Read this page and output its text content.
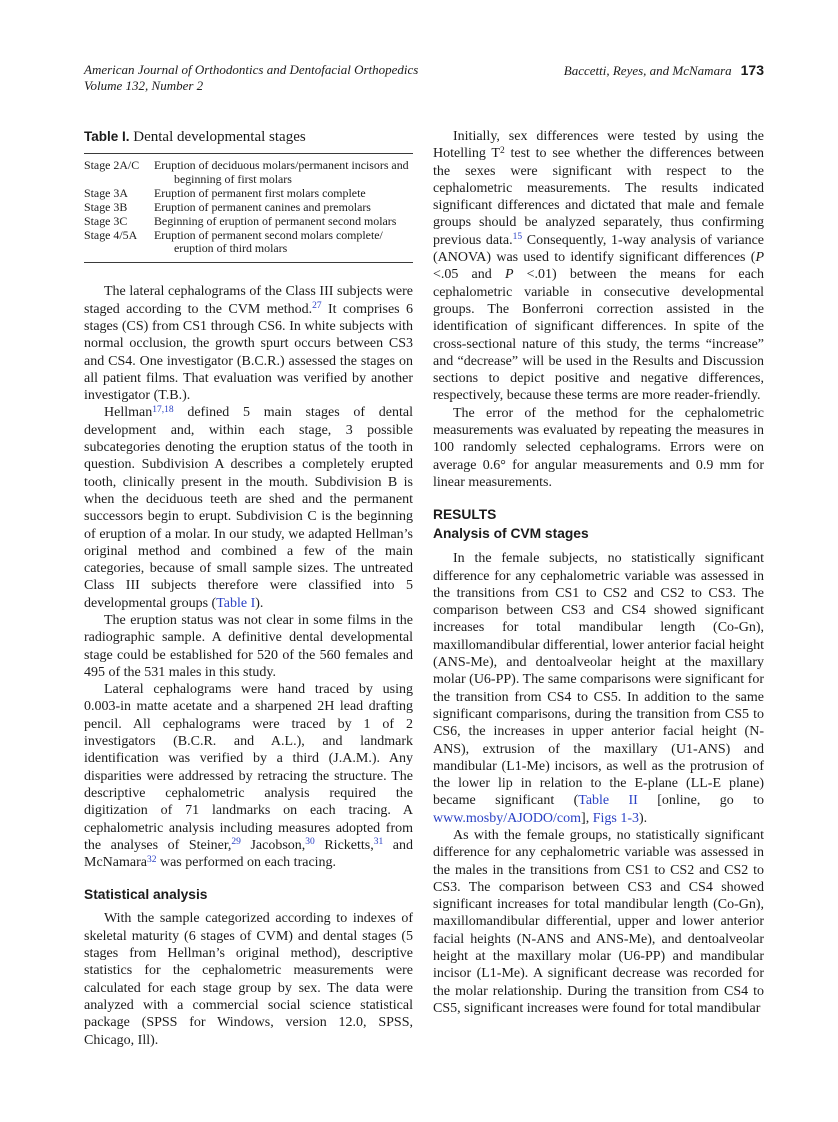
American Journal of Orthodontics and Dentofacial Orthopedics
Volume 132, Number 2
Baccetti, Reyes, and McNamara 173
Table I. Dental developmental stages
Stage 2A/C	Eruption of deciduous molars/permanent incisors and beginning of first molars
Stage 3A	Eruption of permanent first molars complete
Stage 3B	Eruption of permanent canines and premolars
Stage 3C	Beginning of eruption of permanent second molars
Stage 4/5A	Eruption of permanent second molars complete/ eruption of third molars

The lateral cephalograms of the Class III subjects were staged according to the CVM method.$^{27}$ It comprises 6 stages (CS) from CS1 through CS6. In white subjects with normal occlusion, the growth spurt occurs between CS3 and CS4. One investigator (B.C.R.) assessed the stages on all patient films. That evaluation was verified by another investigator (T.B.).

Hellman$^{17,18}$ defined 5 main stages of dental development and, within each stage, 3 possible subcategories denoting the eruption status of the tooth in question. Subdivision A describes a completely erupted tooth, clinically present in the mouth. Subdivision B is when the deciduous teeth are shed and the permanent successors begin to erupt. Subdivision C is the beginning of eruption of a molar. In our study, we adapted Hellman’s original method and combined a few of the main categories, because of small sample sizes. The untreated Class III subjects therefore were classified into 5 developmental groups (Table I).

The eruption status was not clear in some films in the radiographic sample. A definitive dental developmental stage could be established for 520 of the 560 females and 495 of the 531 males in this study.

Lateral cephalograms were hand traced by using 0.003-in matte acetate and a sharpened 2H lead drafting pencil. All cephalograms were traced by 1 of 2 investigators (B.C.R. and A.L.), and landmark identification was verified by a third (J.A.M.). Any disparities were addressed by retracing the structure. The descriptive cephalometric analysis required the digitization of 71 landmarks on each tracing. A cephalometric analysis including measures adopted from the analyses of Steiner,$^{29}$ Jacobson,$^{30}$ Ricketts,$^{31}$ and McNamara$^{32}$ was performed on each tracing.

Statistical analysis

With the sample categorized according to indexes of skeletal maturity (6 stages of CVM) and dental stages (5 stages from Hellman’s original method), descriptive statistics for the cephalometric measurements were calculated for each stage group by sex. The data were analyzed with a commercial social science statistical package (SPSS for Windows, version 12.0, SPSS, Chicago, Ill).

Initially, sex differences were tested by using the Hotelling $T^2$ test to see whether the differences between the sexes were significant with respect to the cephalometric measurements. The results indicated significant differences and dictated that male and female groups should be analyzed separately, thus confirming previous data.$^{15}$ Consequently, 1-way analysis of variance (ANOVA) was used to identify significant differences (P <.05 and P <.01) between the means for each cephalometric variable in consecutive developmental groups. The Bonferroni correction assisted in the identification of significant differences. In spite of the cross-sectional nature of this study, the terms “increase” and “decrease” will be used in the Results and Discussion sections to depict positive and negative differences, respectively, because these terms are more reader-friendly.

The error of the method for the cephalometric measurements was evaluated by repeating the measures in 100 randomly selected cephalograms. Errors were on average 0.6° for angular measurements and 0.9 mm for linear measurements.

RESULTS
Analysis of CVM stages

In the female subjects, no statistically significant difference for any cephalometric variable was assessed in the transitions from CS1 to CS2 and CS2 to CS3. The comparison between CS3 and CS4 showed significant increases for total mandibular length (Co-Gn), maxillomandibular differential, lower anterior facial height (ANS-Me), and dentoalveolar height at the maxillary molar (U6-PP). The same comparisons were significant for the transition from CS4 to CS5. In addition to the same significant comparisons, during the transition from CS5 to CS6, the increases in upper anterior facial height (N-ANS), extrusion of the maxillary (U1-ANS) and mandibular (L1-Me) incisors, as well as the protrusion of the lower lip in relation to the E-plane (LL-E plane) became significant (Table II [online, go to www.mosby/AJODO/com], Figs 1-3).

As with the female groups, no statistically significant difference for any cephalometric variable was assessed in the males in the transitions from CS1 to CS2 and CS2 to CS3. The comparison between CS3 and CS4 showed significant increases for total mandibular length (Co-Gn), maxillomandibular differential, upper and lower anterior facial heights (N-ANS and ANS-Me), and dentoalveolar height at the maxillary molar (U6-PP) and mandibular incisor (L1-Me). A significant decrease was recorded for the molar relationship. During the transition from CS4 to CS5, significant increases were found for total mandibular
